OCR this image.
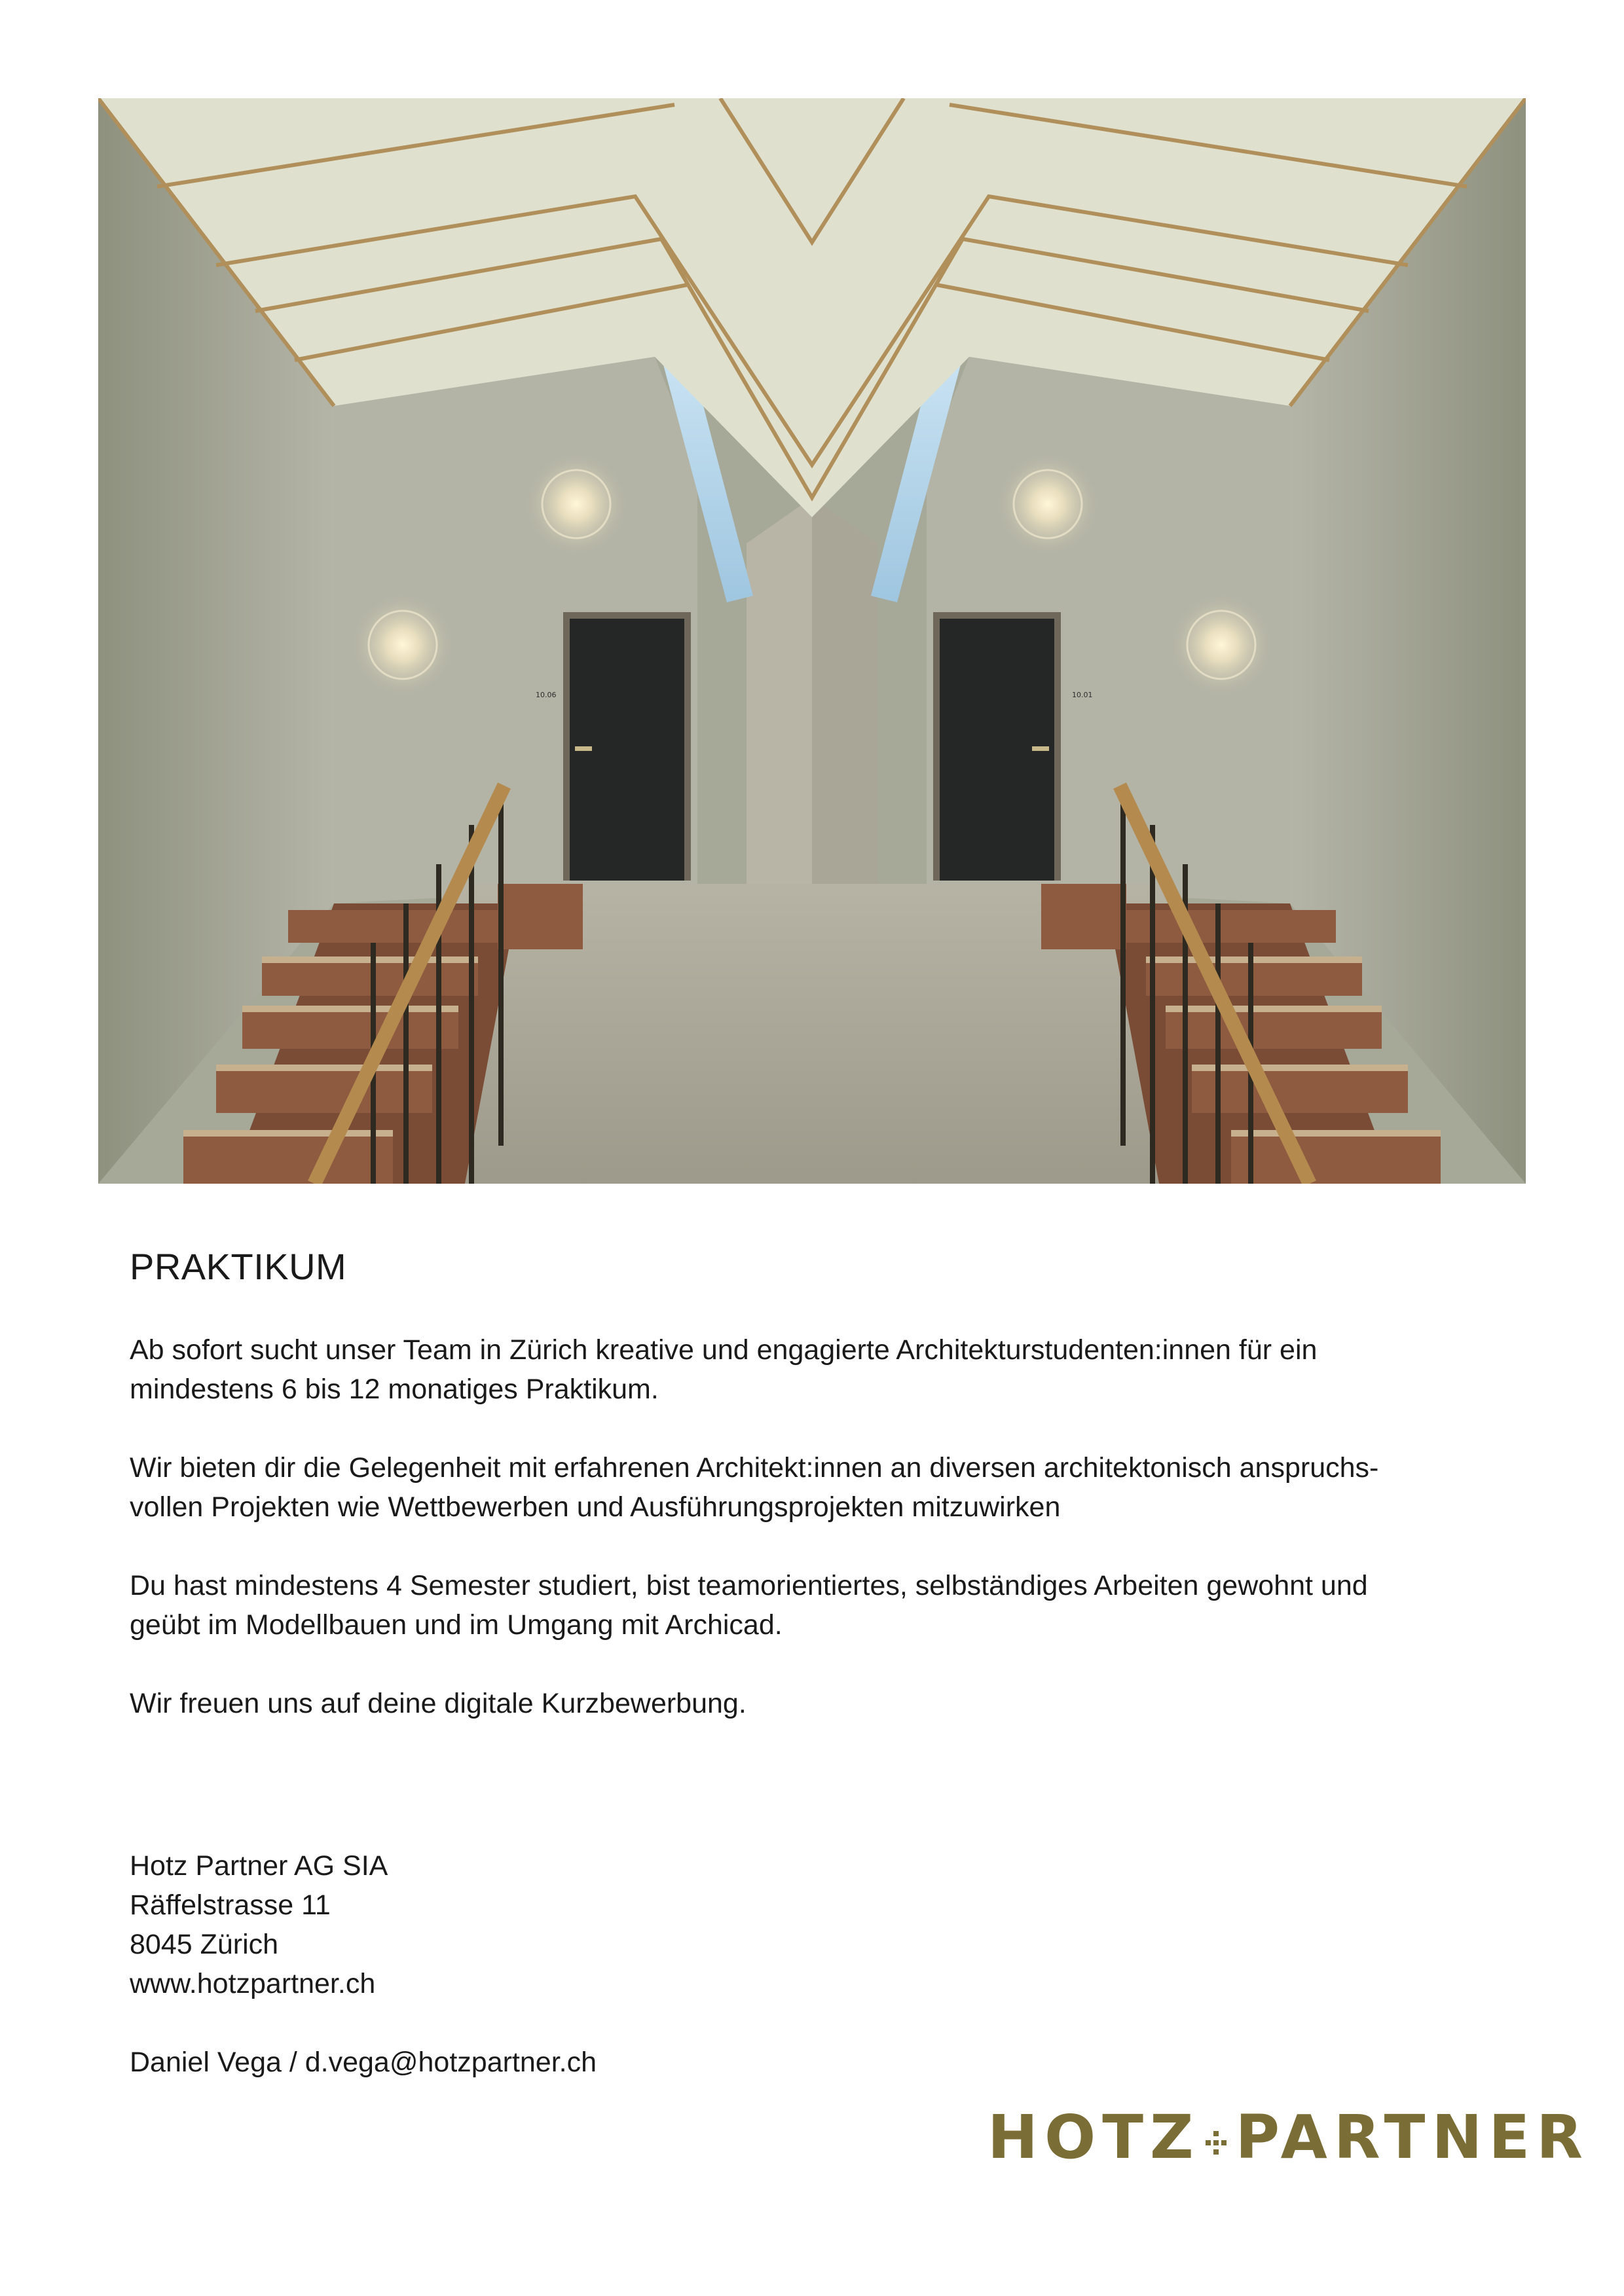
10.06	10.01
PRAKTIKUM

Ab sofort sucht unser Team in Zürich kreative und engagierte Architekturstudenten:innen für ein
mindestens 6 bis 12 monatiges Praktikum.

Wir bieten dir die Gelegenheit mit erfahrenen Architekt:innen an diversen architektonisch anspruchs-
vollen Projekten wie Wettbewerben und Ausführungsprojekten mitzuwirken

Du hast mindestens 4 Semester studiert, bist teamorientiertes, selbständiges Arbeiten gewohnt und
geübt im Modellbauen und im Umgang mit Archicad.

Wir freuen uns auf deine digitale Kurzbewerbung.

Hotz Partner AG SIA
Räffelstrasse 11
8045 Zürich
www.hotzpartner.ch
Daniel Vega / d.vega@hotzpartner.ch
HOTZ PARTNER
